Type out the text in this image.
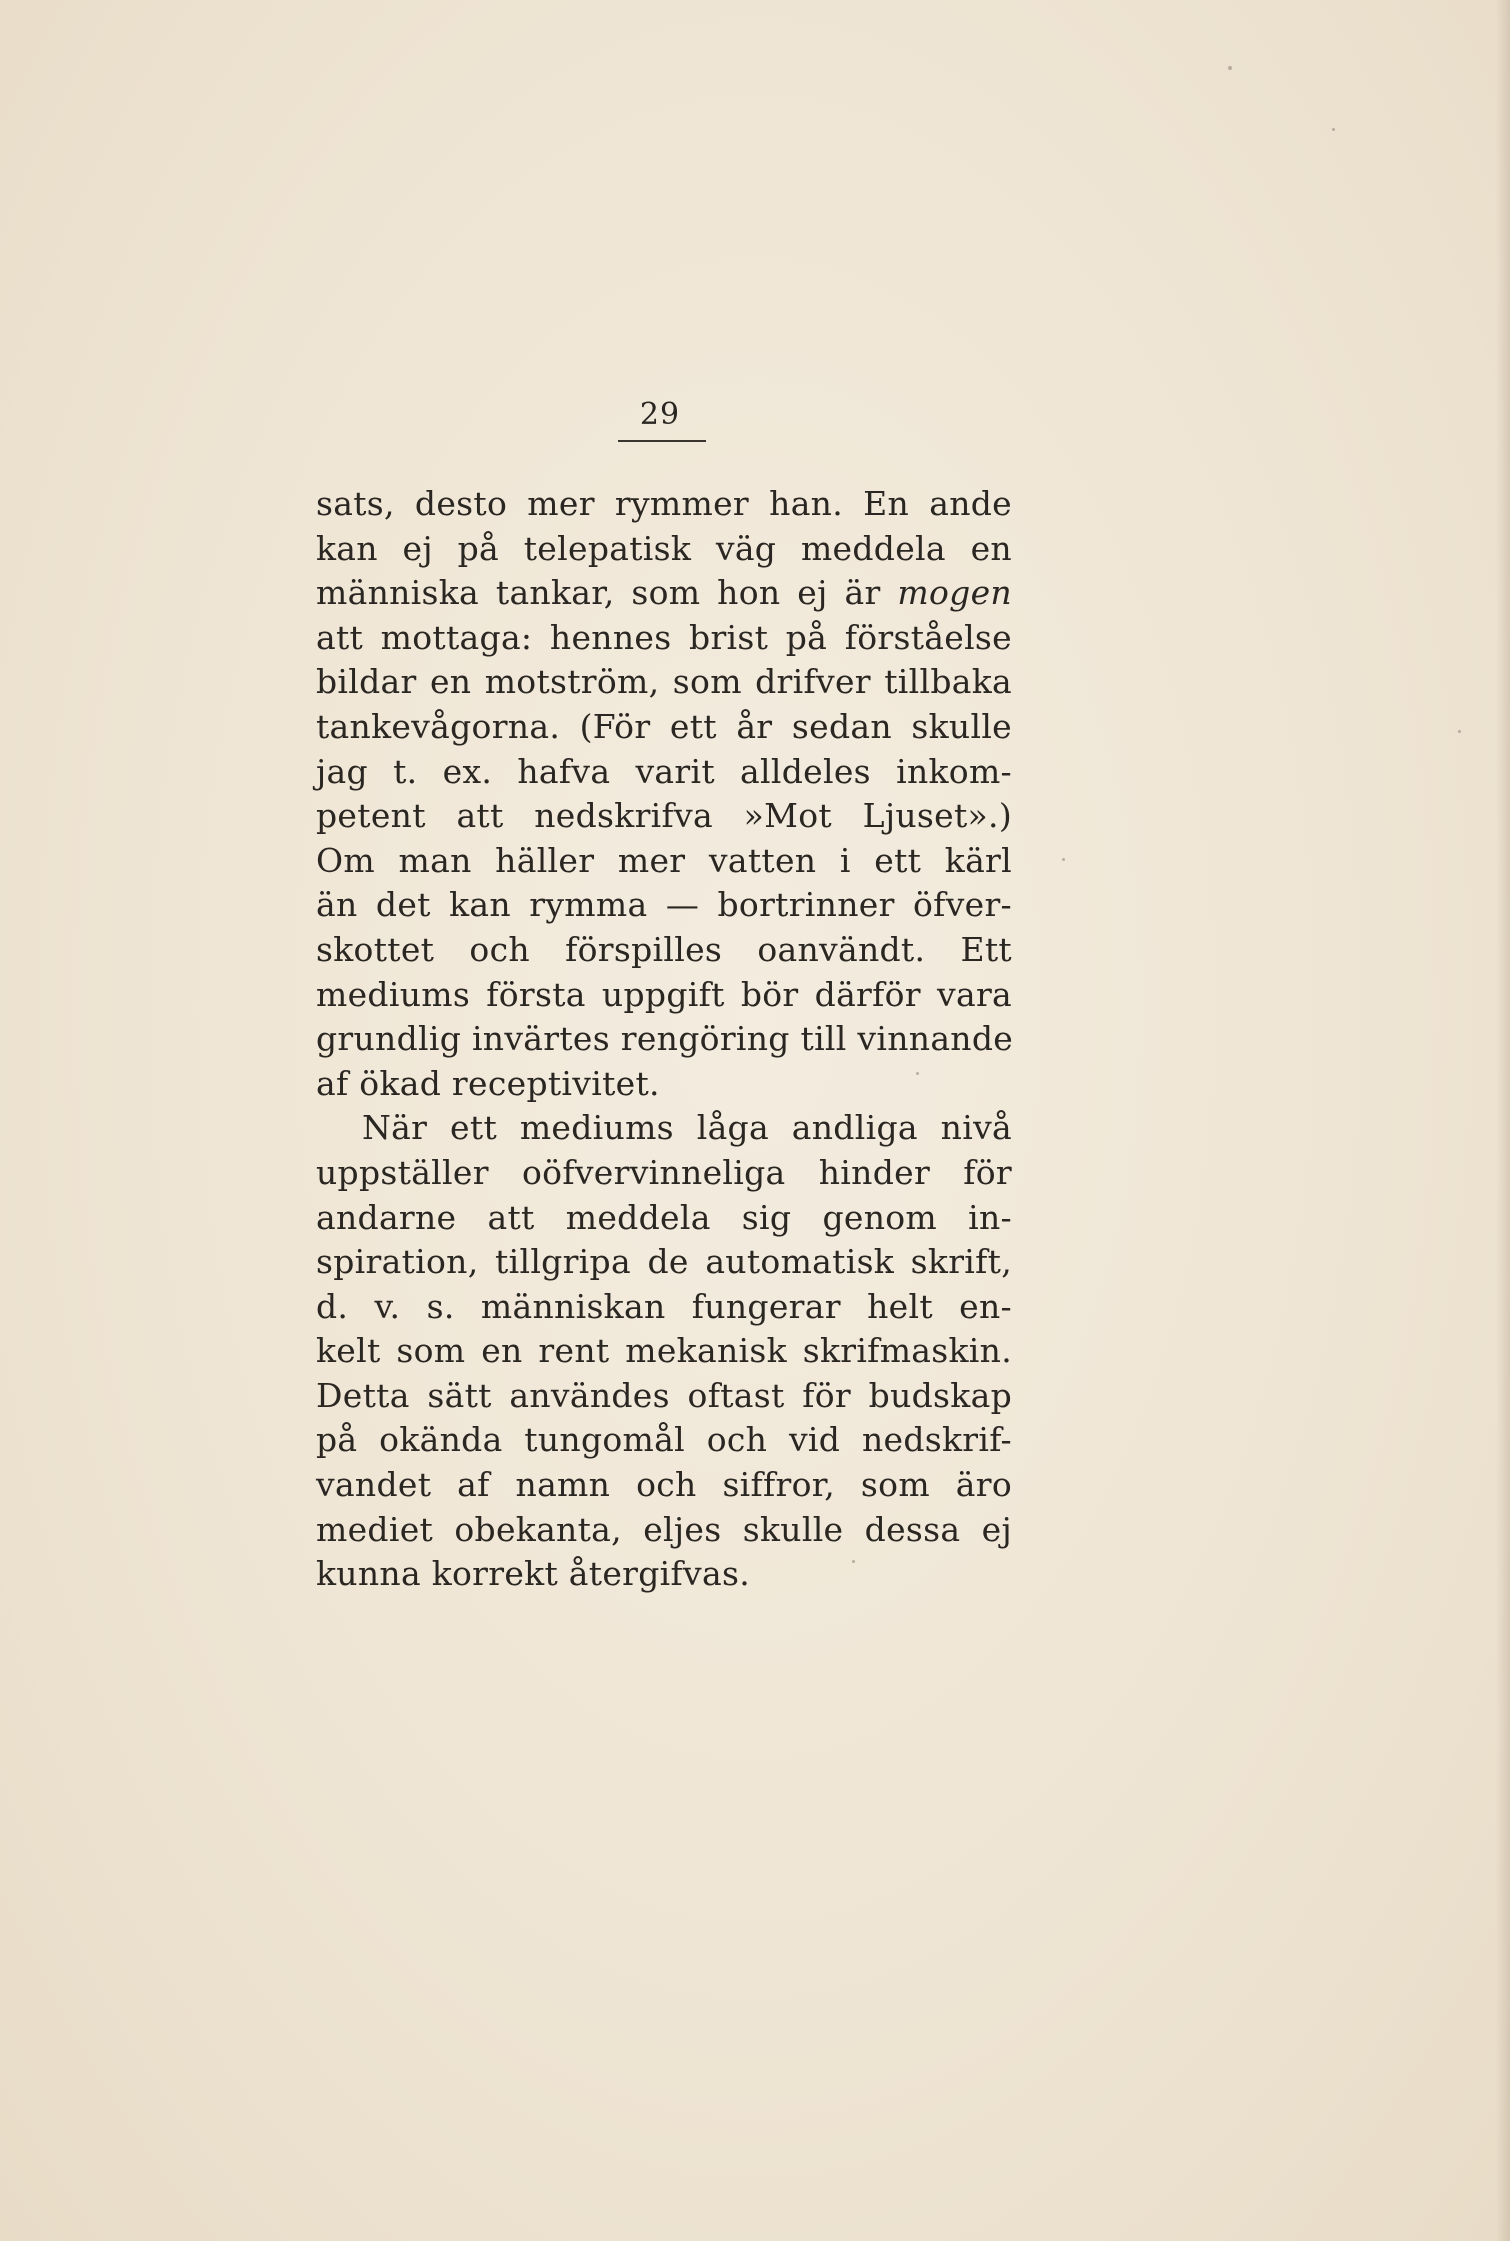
29
sats, desto mer rymmer han. En ande
kan ej på telepatisk väg meddela en
människa tankar, som hon ej är mogen
att mottaga: hennes brist på förståelse
bildar en motström, som drifver tillbaka
tankevågorna. (För ett år sedan skulle
jag t. ex. hafva varit alldeles inkom-
petent att nedskrifva »Mot Ljuset».)
Om man häller mer vatten i ett kärl
än det kan rymma — bortrinner öfver-
skottet och förspilles oanvändt. Ett
mediums första uppgift bör därför vara
grundlig invärtes rengöring till vinnande
af ökad receptivitet.
När ett mediums låga andliga nivå
uppställer oöfvervinneliga hinder för
andarne att meddela sig genom in-
spiration, tillgripa de automatisk skrift,
d. v. s. människan fungerar helt en-
kelt som en rent mekanisk skrifmaskin.
Detta sätt användes oftast för budskap
på okända tungomål och vid nedskrif-
vandet af namn och siffror, som äro
mediet obekanta, eljes skulle dessa ej
kunna korrekt återgifvas.
